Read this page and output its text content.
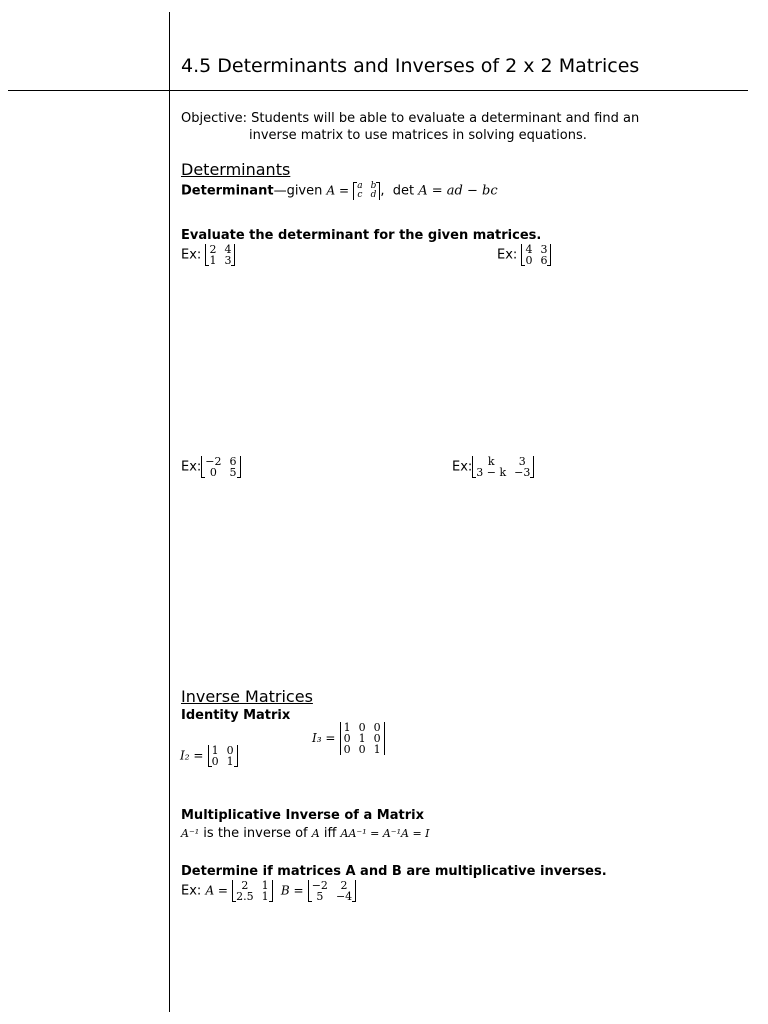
4.5 Determinants and Inverses of 2 x 2 Matrices
Objective: Students will be able to evaluate a determinant and find an
inverse matrix to use matrices in solving equations.
Determinants
Determinant—given A = a	b
c	d , det A = ad − bc
Evaluate the determinant for the given matrices.
Ex: 2	4
1	3	Ex: 4	3
0	6
Ex: −2	6
0	5	Ex: k	3
3 − k	−3
Inverse Matrices
Identity Matrix
I₂ = 1	0
0	1
I₃ =
1	0	0
0	1	0
0	0	1
Multiplicative Inverse of a Matrix
A⁻¹ is the inverse of A iff AA⁻¹ = A⁻¹A = I
Determine if matrices A and B are multiplicative inverses.
Ex: A = 2	1
2.5	1 B = −2	2
5	−4
